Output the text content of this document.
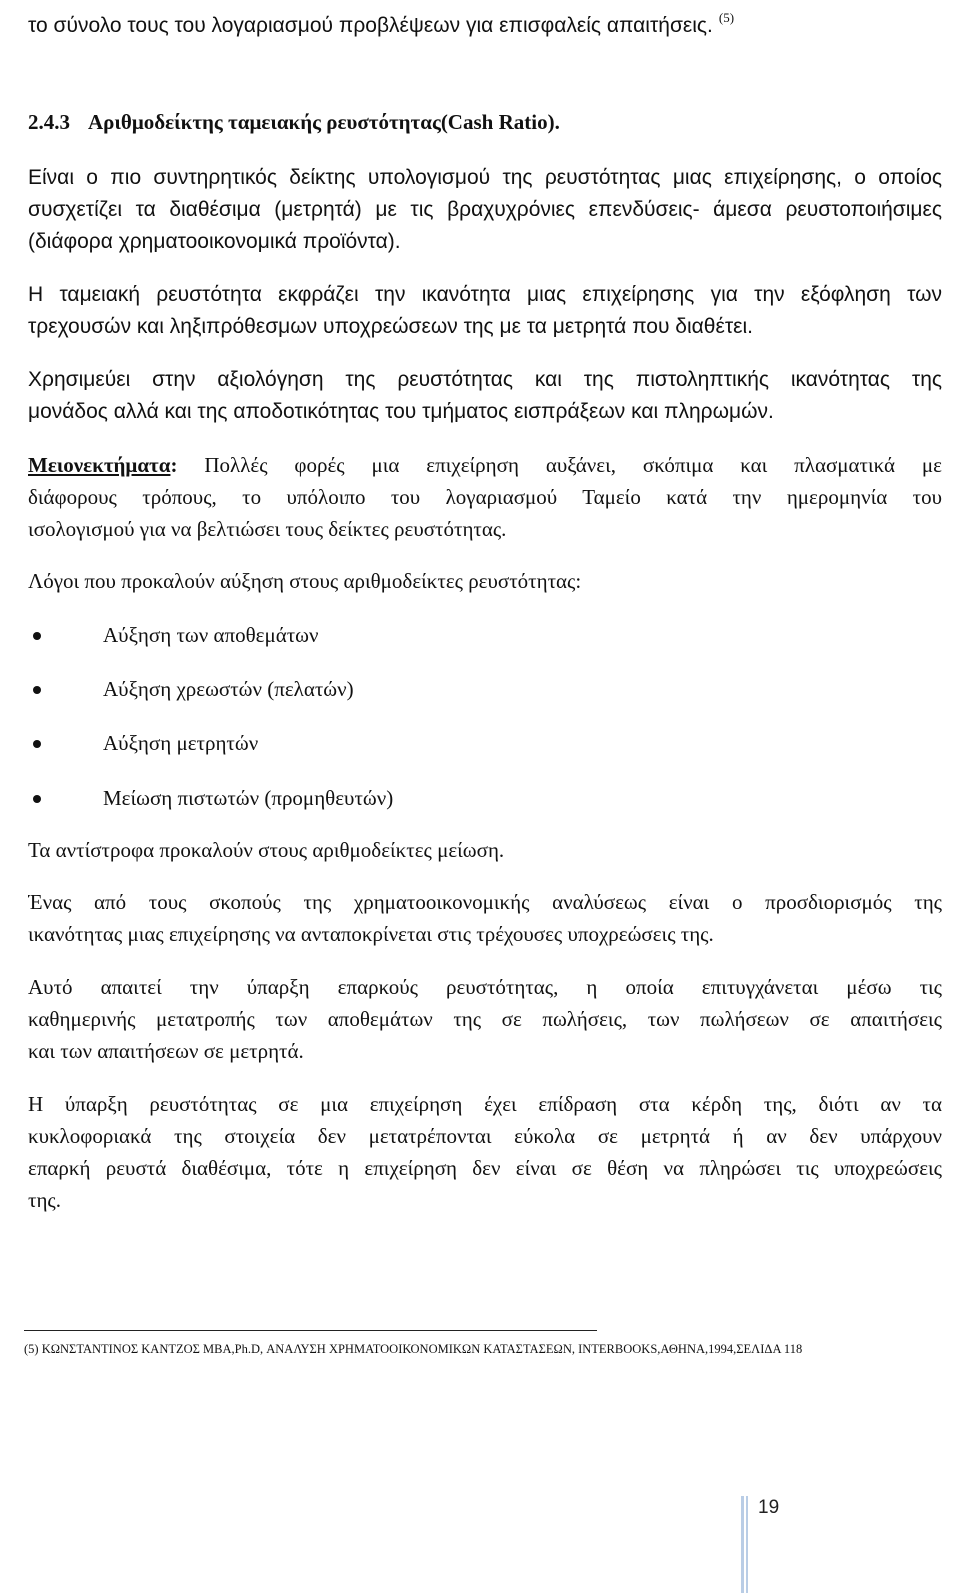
το σύνολο τους του λογαριασμού προβλέψεων για επισφαλείς απαιτήσεις. $^{(5)}$
2.4.3 Αριθμοδείκτης ταμειακής ρευστότητας(Cash Ratio).
Είναι ο πιο συντηρητικός δείκτης υπολογισμού της ρευστότητας μιας επιχείρησης, ο οποίος
συσχετίζει τα διαθέσιμα (μετρητά) με τις βραχυχρόνιες επενδύσεις- άμεσα ρευστοποιήσιμες
(διάφορα χρηματοοικονομικά προϊόντα).
Η ταμειακή ρευστότητα εκφράζει την ικανότητα μιας επιχείρησης για την εξόφληση των
τρεχουσών και ληξιπρόθεσμων υποχρεώσεων της με τα μετρητά που διαθέτει.
Χρησιμεύει στην αξιολόγηση της ρευστότητας και της πιστοληπτικής ικανότητας της
μονάδος αλλά και της αποδοτικότητας του τμήματος εισπράξεων και πληρωμών.
Μειονεκτήματα: Πολλές φορές μια επιχείρηση αυξάνει, σκόπιμα και πλασματικά με
διάφορους τρόπους, το υπόλοιπο του λογαριασμού Ταμείο κατά την ημερομηνία του
ισολογισμού για να βελτιώσει τους δείκτες ρευστότητας.
Λόγοι που προκαλούν αύξηση στους αριθμοδείκτες ρευστότητας:
Αύξηση των αποθεμάτων
Αύξηση χρεωστών (πελατών)
Αύξηση μετρητών
Μείωση πιστωτών (προμηθευτών)
Τα αντίστροφα προκαλούν στους αριθμοδείκτες μείωση.
Ένας από τους σκοπούς της χρηματοοικονομικής αναλύσεως είναι ο προσδιορισμός της
ικανότητας μιας επιχείρησης να ανταποκρίνεται στις τρέχουσες υποχρεώσεις της.
Αυτό απαιτεί την ύπαρξη επαρκούς ρευστότητας, η οποία επιτυγχάνεται μέσω τις
καθημερινής μετατροπής των αποθεμάτων της σε πωλήσεις, των πωλήσεων σε απαιτήσεις
και των απαιτήσεων σε μετρητά.
Η ύπαρξη ρευστότητας σε μια επιχείρηση έχει επίδραση στα κέρδη της, διότι αν τα
κυκλοφοριακά της στοιχεία δεν μετατρέπονται εύκολα σε μετρητά ή αν δεν υπάρχουν
επαρκή ρευστά διαθέσιμα, τότε η επιχείρηση δεν είναι σε θέση να πληρώσει τις υποχρεώσεις
της.
(5) ΚΩΝΣΤΑΝΤΙΝΟΣ ΚΑΝΤΖΟΣ MBA,Ph.D, ΑΝΑΛΥΣΗ ΧΡΗΜΑΤΟΟΙΚΟΝΟΜΙΚΩΝ ΚΑΤΑΣΤΑΣΕΩΝ, INTERBOOKS,ΑΘΗΝΑ,1994,ΣΕΛΙΔΑ 118
19
